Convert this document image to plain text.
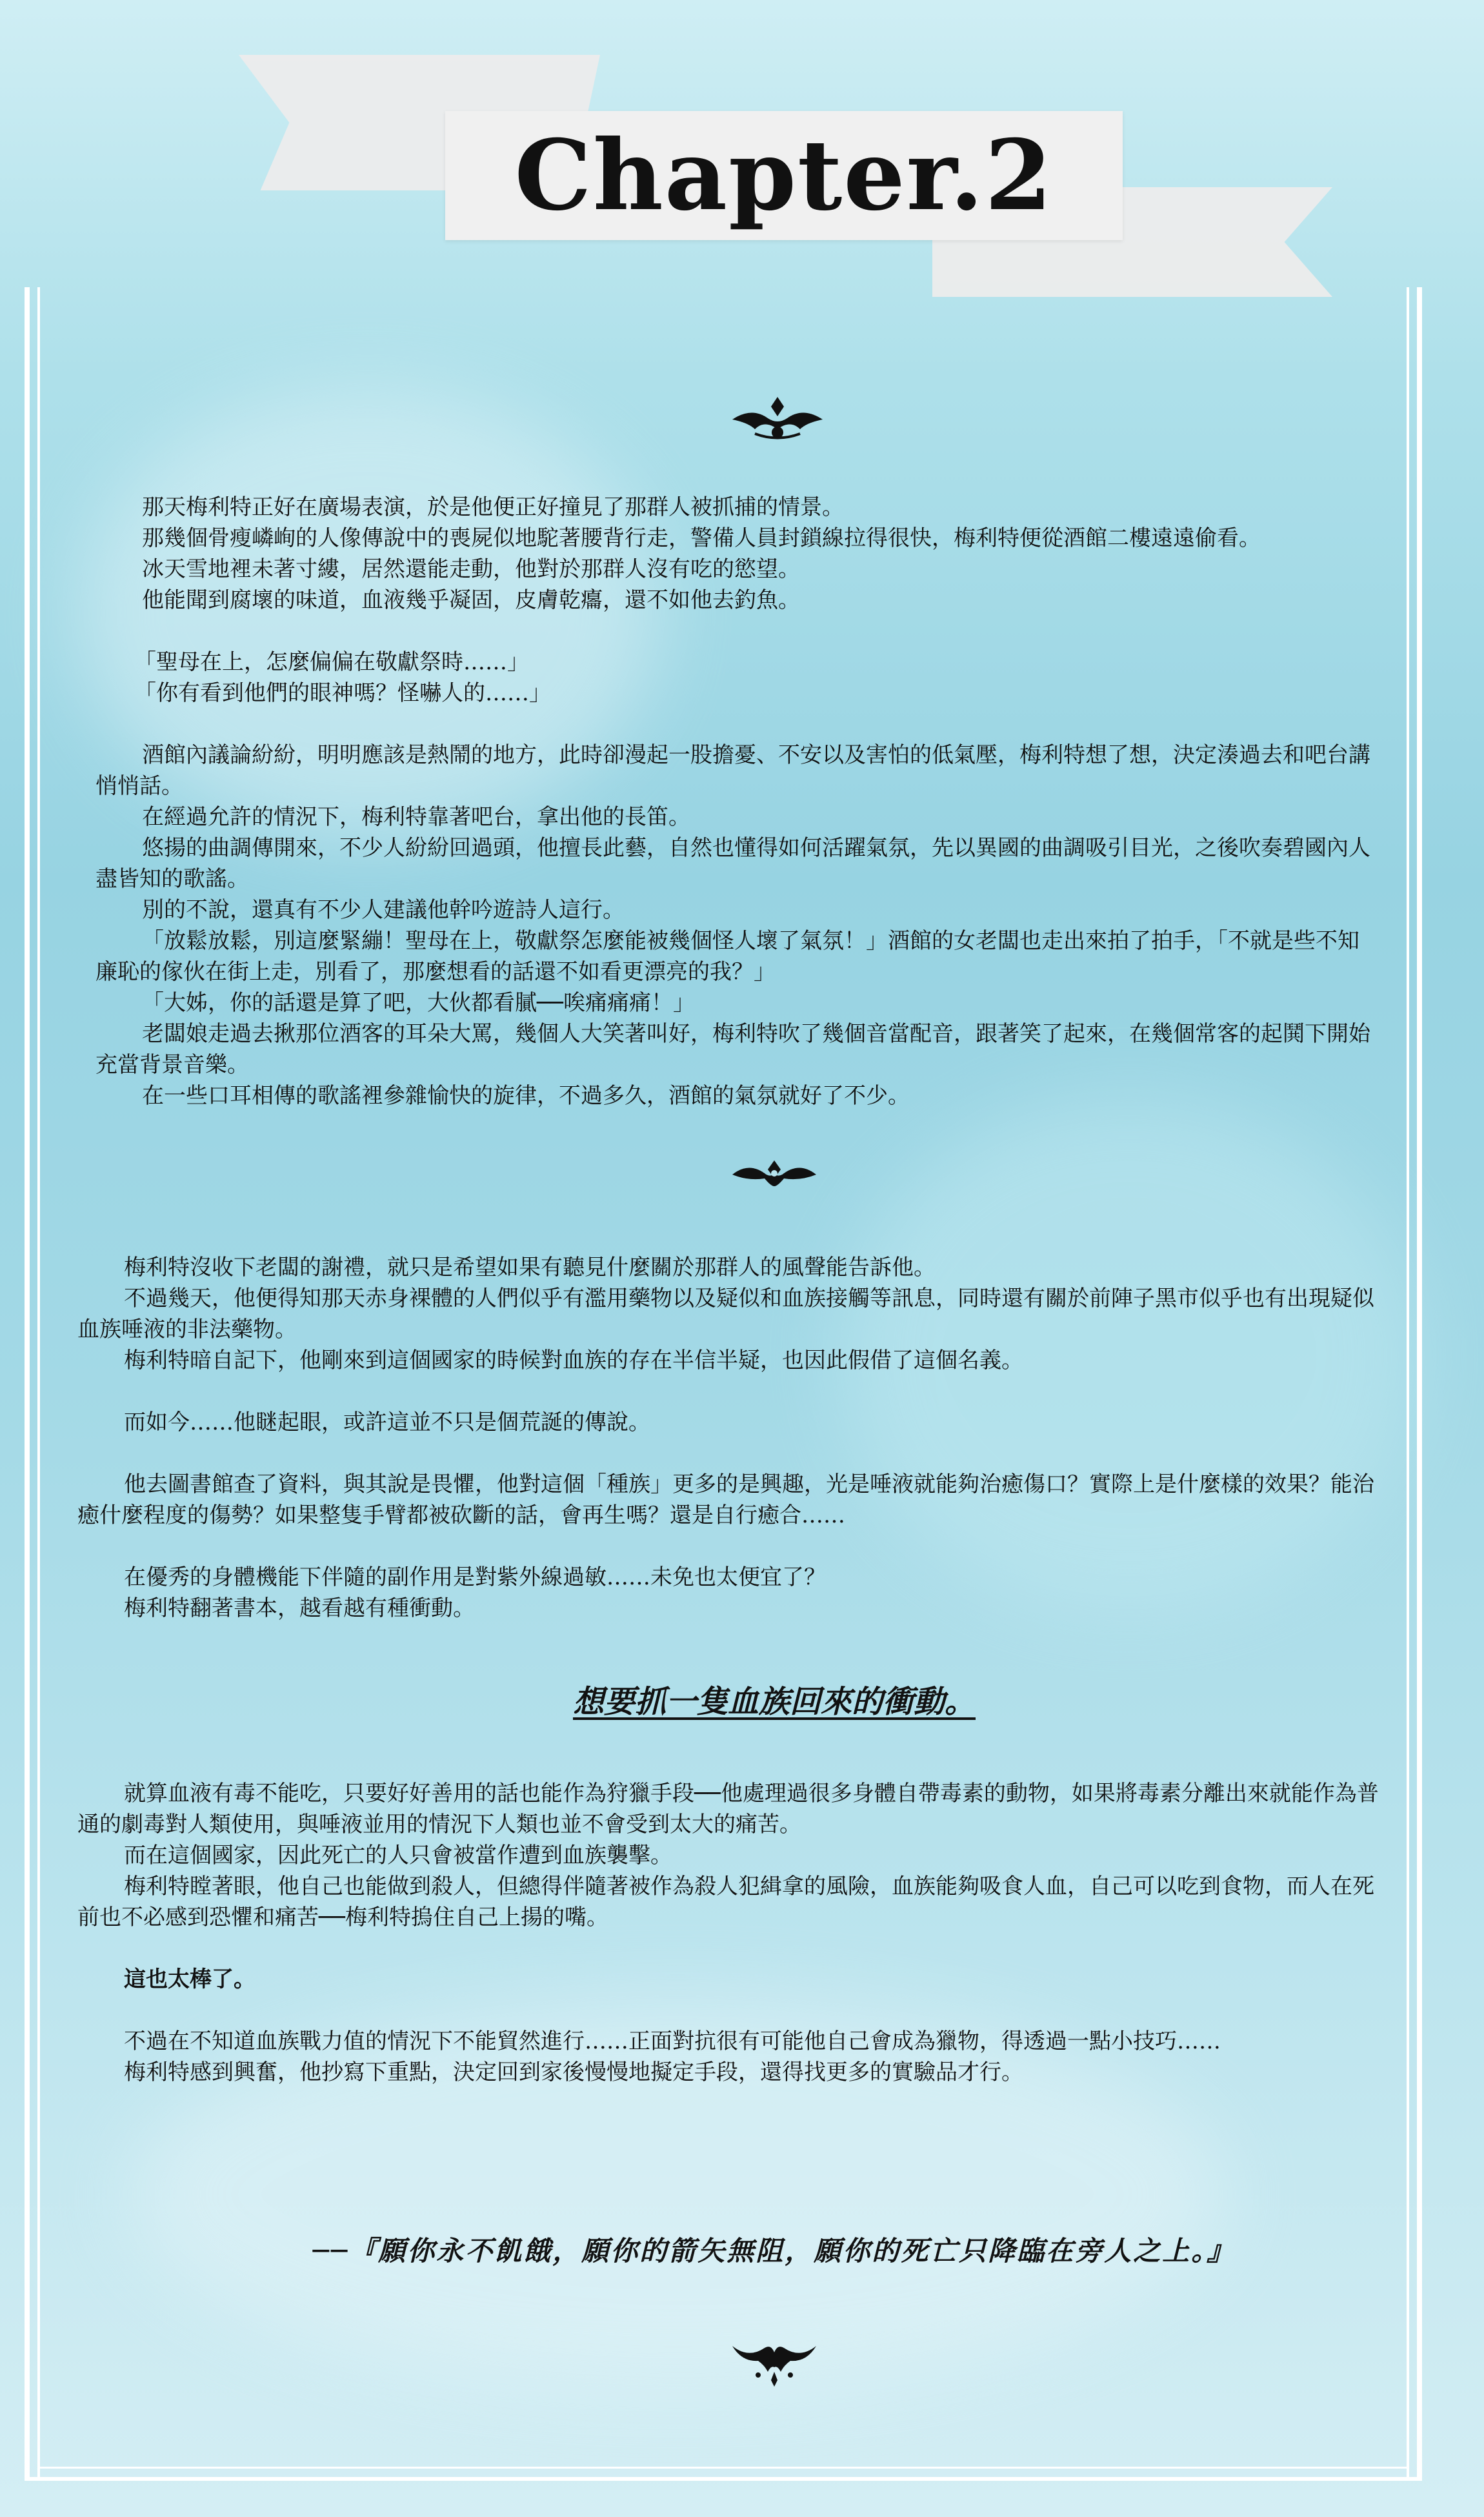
Chapter.2

那天梅利特正好在廣場表演，於是他便正好撞見了那群人被抓捕的情景。

那幾個骨瘦嶙峋的人像傳說中的喪屍似地駝著腰背行走，警備人員封鎖線拉得很快，梅利特便從酒館二樓遠遠偷看。

冰天雪地裡未著寸縷，居然還能走動，他對於那群人沒有吃的慾望。

他能聞到腐壞的味道，血液幾乎凝固，皮膚乾癟，還不如他去釣魚。

「聖母在上，怎麼偏偏在敬獻祭時……」

「你有看到他們的眼神嗎？怪嚇人的……」

酒館內議論紛紛，明明應該是熱鬧的地方，此時卻漫起一股擔憂、不安以及害怕的低氣壓，梅利特想了想，決定湊過去和吧台講悄悄話。

在經過允許的情況下，梅利特靠著吧台，拿出他的長笛。

悠揚的曲調傳開來，不少人紛紛回過頭，他擅長此藝，自然也懂得如何活躍氣氛，先以異國的曲調吸引目光，之後吹奏碧國內人盡皆知的歌謠。

別的不說，還真有不少人建議他幹吟遊詩人這行。

「放鬆放鬆，別這麼緊繃！聖母在上，敬獻祭怎麼能被幾個怪人壞了氣氛！」酒館的女老闆也走出來拍了拍手，「不就是些不知廉恥的傢伙在街上走，別看了，那麼想看的話還不如看更漂亮的我？」

「大姊，你的話還是算了吧，大伙都看膩──唉痛痛痛！」

老闆娘走過去揪那位酒客的耳朵大罵，幾個人大笑著叫好，梅利特吹了幾個音當配音，跟著笑了起來，在幾個常客的起鬨下開始充當背景音樂。

在一些口耳相傳的歌謠裡參雜愉快的旋律，不過多久，酒館的氣氛就好了不少。

梅利特沒收下老闆的謝禮，就只是希望如果有聽見什麼關於那群人的風聲能告訴他。

不過幾天，他便得知那天赤身裸體的人們似乎有濫用藥物以及疑似和血族接觸等訊息，同時還有關於前陣子黑市似乎也有出現疑似血族唾液的非法藥物。

梅利特暗自記下，他剛來到這個國家的時候對血族的存在半信半疑，也因此假借了這個名義。

而如今……他瞇起眼，或許這並不只是個荒誕的傳說。

他去圖書館查了資料，與其說是畏懼，他對這個「種族」更多的是興趣，光是唾液就能夠治癒傷口？實際上是什麼樣的效果？能治癒什麼程度的傷勢？如果整隻手臂都被砍斷的話，會再生嗎？還是自行癒合……

在優秀的身體機能下伴隨的副作用是對紫外線過敏……未免也太便宜了？

梅利特翻著書本，越看越有種衝動。

想要抓一隻血族回來的衝動。

就算血液有毒不能吃，只要好好善用的話也能作為狩獵手段──他處理過很多身體自帶毒素的動物，如果將毒素分離出來就能作為普通的劇毒對人類使用，與唾液並用的情況下人類也並不會受到太大的痛苦。

而在這個國家，因此死亡的人只會被當作遭到血族襲擊。

梅利特瞠著眼，他自己也能做到殺人，但總得伴隨著被作為殺人犯緝拿的風險，血族能夠吸食人血，自己可以吃到食物，而人在死前也不必感到恐懼和痛苦──梅利特摀住自己上揚的嘴。

這也太棒了。

不過在不知道血族戰力值的情況下不能貿然進行……正面對抗很有可能他自己會成為獵物，得透過一點小技巧……

梅利特感到興奮，他抄寫下重點，決定回到家後慢慢地擬定手段，還得找更多的實驗品才行。

──『願你永不飢餓，願你的箭矢無阻，願你的死亡只降臨在旁人之上。』
